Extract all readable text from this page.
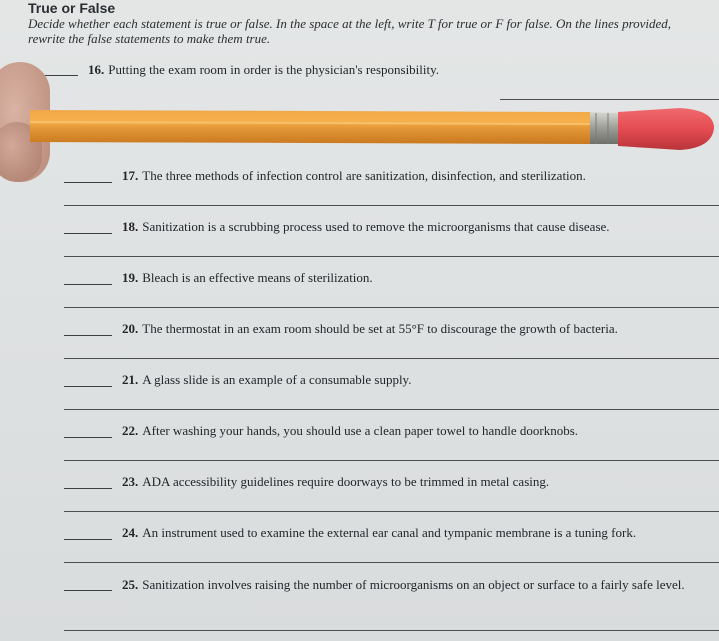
True or False
Decide whether each statement is true or false. In the space at the left, write T for true or F for false. On the lines provided, rewrite the false statements to make them true.
16. Putting the exam room in order is the physician's responsibility.
17. The three methods of infection control are sanitization, disinfection, and sterilization.
18. Sanitization is a scrubbing process used to remove the microorganisms that cause disease.
19. Bleach is an effective means of sterilization.
20. The thermostat in an exam room should be set at 55°F to discourage the growth of bacteria.
21. A glass slide is an example of a consumable supply.
22. After washing your hands, you should use a clean paper towel to handle doorknobs.
23. ADA accessibility guidelines require doorways to be trimmed in metal casing.
24. An instrument used to examine the external ear canal and tympanic membrane is a tuning fork.
25. Sanitization involves raising the number of microorganisms on an object or surface to a fairly safe level.
